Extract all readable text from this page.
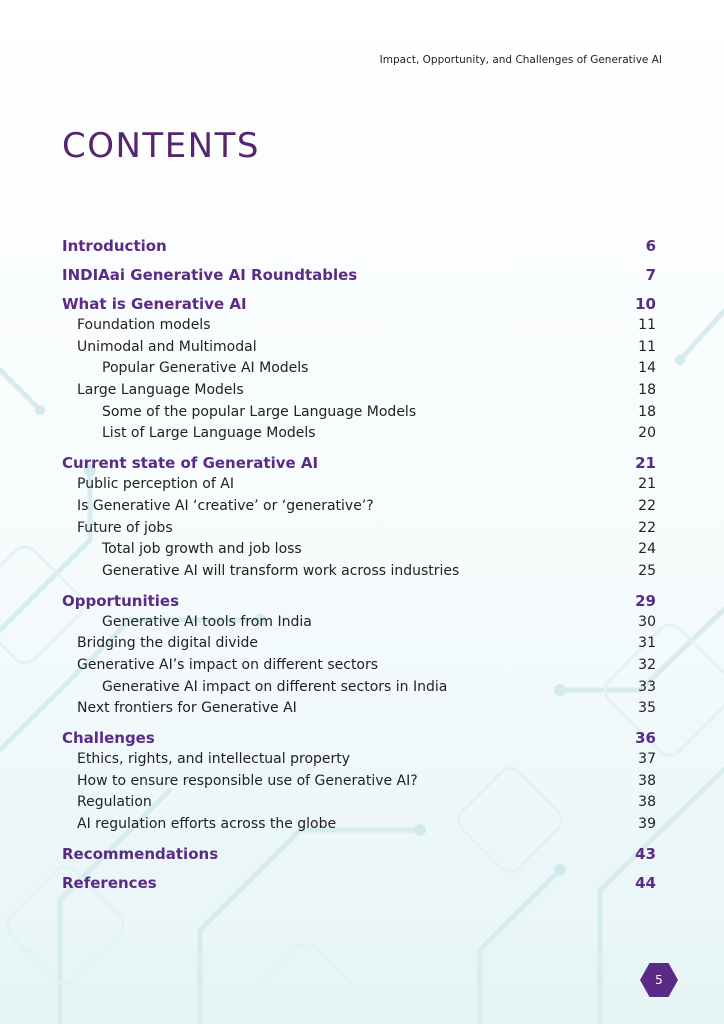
Impact, Opportunity, and Challenges of Generative AI
CONTENTS
Introduction	6
INDIAai Generative AI Roundtables	7
What is Generative AI	10
Foundation models	11
Unimodal and Multimodal	11
Popular Generative AI Models	14
Large Language Models	18
Some of the popular Large Language Models	18
List of Large Language Models	20
Current state of Generative AI	21
Public perception of AI	21
Is Generative AI ‘creative’ or ‘generative’?	22
Future of jobs	22
Total job growth and job loss	24
Generative AI will transform work across industries	25
Opportunities	29
Generative AI tools from India	30
Bridging the digital divide	31
Generative AI’s impact on different sectors	32
Generative AI impact on different sectors in India	33
Next frontiers for Generative AI	35
Challenges	36
Ethics, rights, and intellectual property	37
How to ensure responsible use of Generative AI?	38
Regulation	38
AI regulation efforts across the globe	39
Recommendations	43
References	44
5
